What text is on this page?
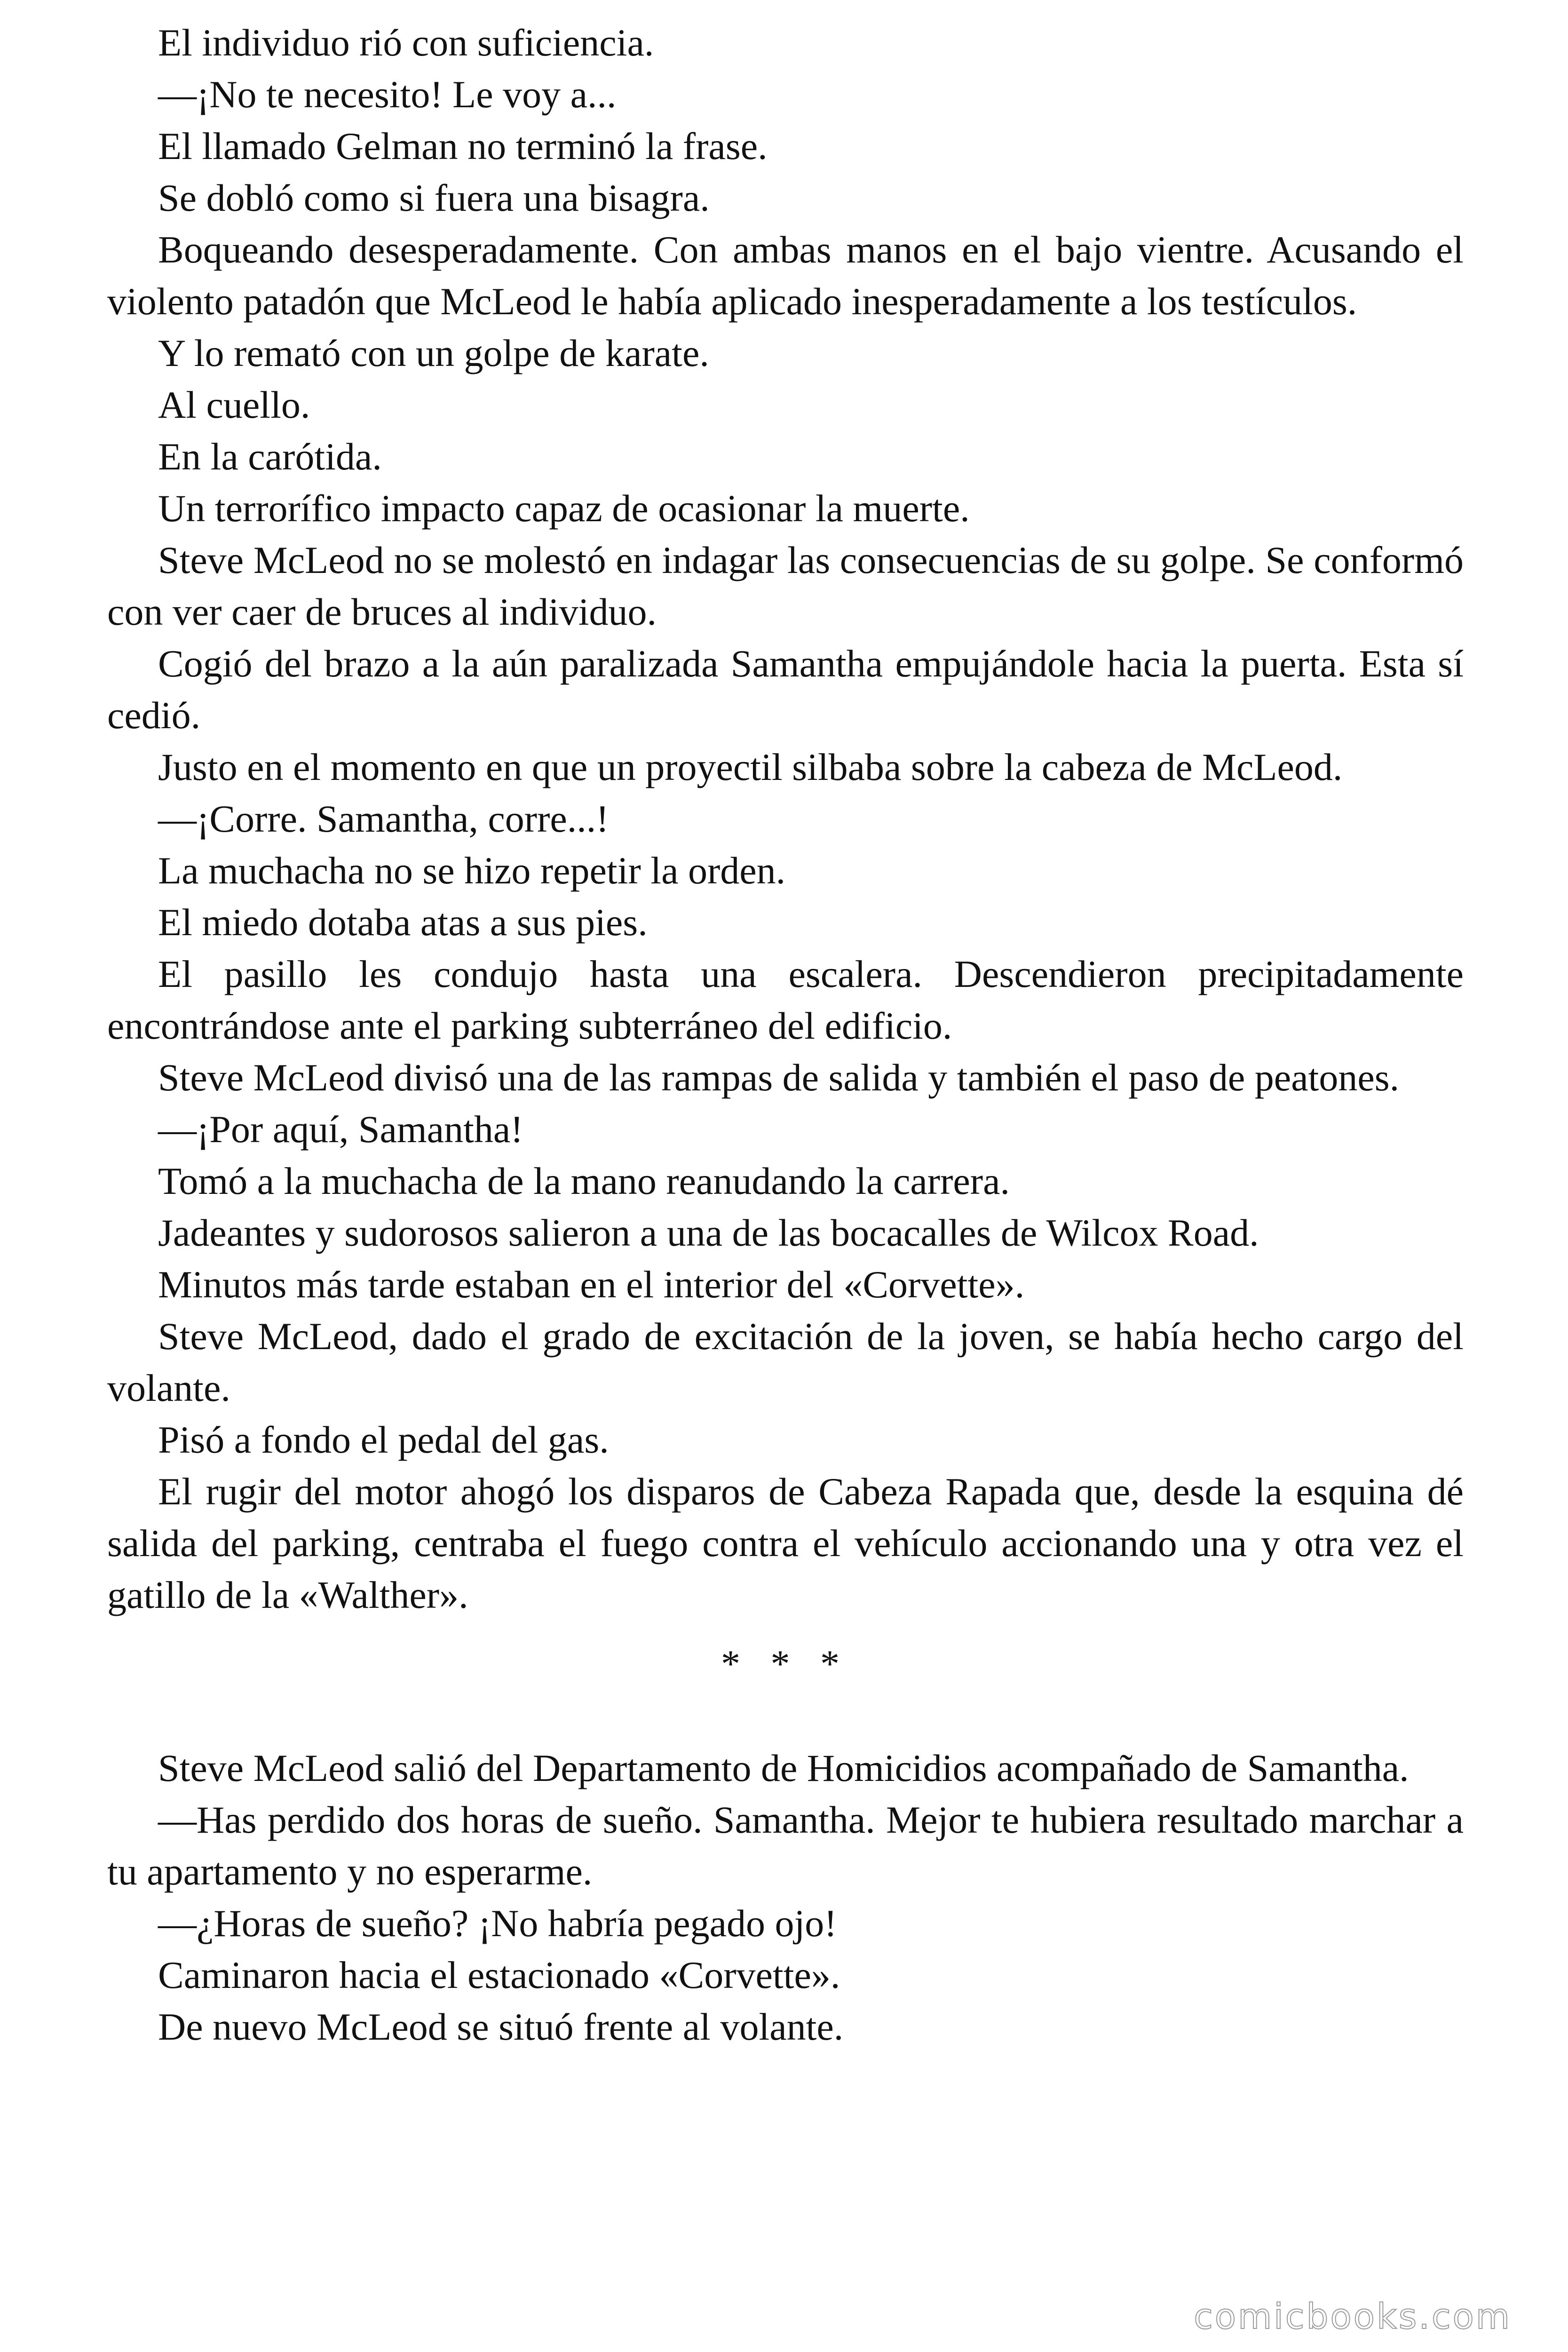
El individuo rió con suficiencia.

—¡No te necesito! Le voy a...

El llamado Gelman no terminó la frase.

Se dobló como si fuera una bisagra.

Boqueando desesperadamente. Con ambas manos en el bajo vientre. Acusando el violento patadón que McLeod le había aplicado inesperadamente a los testículos.

Y lo remató con un golpe de karate.

Al cuello.

En la carótida.

Un terrorífico impacto capaz de ocasionar la muerte.

Steve McLeod no se molestó en indagar las consecuencias de su golpe. Se conformó con ver caer de bruces al individuo.

Cogió del brazo a la aún paralizada Samantha empujándole hacia la puerta. Esta sí cedió.

Justo en el momento en que un proyectil silbaba sobre la cabeza de McLeod.

—¡Corre. Samantha, corre...!

La muchacha no se hizo repetir la orden.

El miedo dotaba atas a sus pies.

El pasillo les condujo hasta una escalera. Descendieron precipitadamente encontrándose ante el parking subterráneo del edificio.

Steve McLeod divisó una de las rampas de salida y también el paso de peatones.

—¡Por aquí, Samantha!

Tomó a la muchacha de la mano reanudando la carrera.

Jadeantes y sudorosos salieron a una de las bocacalles de Wilcox Road.

Minutos más tarde estaban en el interior del «Corvette».

Steve McLeod, dado el grado de excitación de la joven, se había hecho cargo del volante.

Pisó a fondo el pedal del gas.

El rugir del motor ahogó los disparos de Cabeza Rapada que, desde la esquina dé salida del parking, centraba el fuego contra el vehículo accionando una y otra vez el gatillo de la «Walther».

* * *

Steve McLeod salió del Departamento de Homicidios acompañado de Samantha.

—Has perdido dos horas de sueño. Samantha. Mejor te hubiera resultado marchar a tu apartamento y no esperarme.

—¿Horas de sueño? ¡No habría pegado ojo!

Caminaron hacia el estacionado «Corvette».

De nuevo McLeod se situó frente al volante.

comicbooks.com
